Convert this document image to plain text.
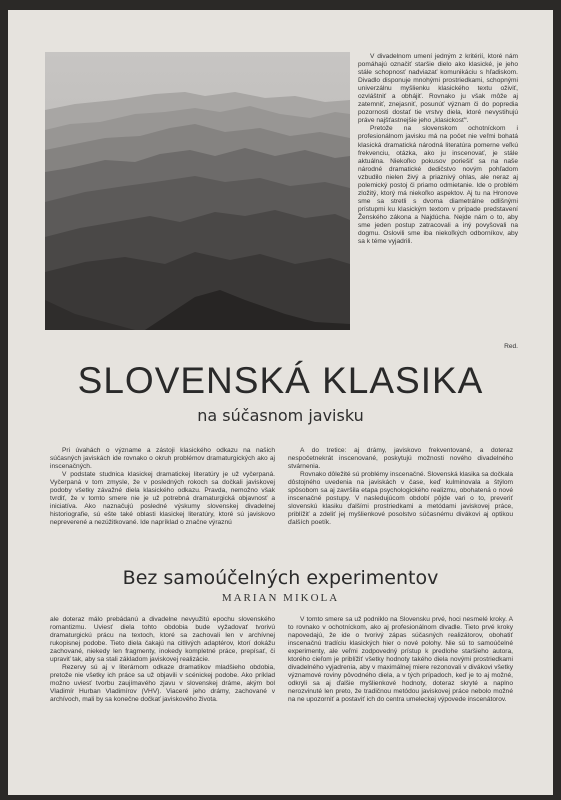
V divadelnom umení jedným z kritérií, ktoré nám pomáhajú označiť staršie dielo ako klasické, je jeho stále schopnosť nadviazať komunikáciu s hľadiskom. Divadlo disponuje mnohými prostriedkami, schopnými univerzálnu myšlienku klasického textu oživiť, ozvláštniť a obhájiť. Rovnako ju však môže aj zatemniť, znejasniť, posunúť význam či do popredia pozornosti dostať tie vrstvy diela, ktoré nevystihujú práve najšťastnejšie jeho „klasickosť“.

Pretože na slovenskom ochotníckom i profesionálnom javisku má na počet nie veľmi bohatá klasická dramatická národná literatúra pomerne veľkú frekvenciu, otázka, ako ju inscenovať, je stále aktuálna. Niekoľko pokusov poriešiť sa na naše národné dramatické dedičstvo novým pohľadom vzbudilo nielen živý a priaznivý ohlas, ale neraz aj polemický postoj či priamo odmietanie. Ide o problém zložitý, ktorý má niekoľko aspektov. Aj tu na Hronove sme sa stretli s dvoma diametrálne odlišnými prístupmi ku klasickým textom v prípade predstavení Ženského zákona a Najdúcha. Nejde nám o to, aby sme jeden postup zatracovali a iný povyšovali na dogmu. Oslovili sme iba niekoľkých odborníkov, aby sa k téme vyjadrili.

Red.
SLOVENSKÁ KLASIKA
na súčasnom javisku

Pri úvahách o význame a zástoji klasického odkazu na našich súčasných javiskách ide rovnako o okruh problémov dramaturgických ako aj inscenačných.

V podstate studnica klasickej dramatickej literatúry je už vyčerpaná. Vyčerpaná v tom zmysle, že v posledných rokoch sa dočkali javiskovej podoby všetky závažné diela klasického odkazu. Pravda, nemožno však tvrdiť, že v tomto smere nie je už potrebná dramaturgická objavnosť a iniciatíva. Ako naznačujú posledné výskumy slovenskej divadelnej historiografie, sú ešte také oblasti klasickej literatúry, ktoré sú javiskovo nepreverené a nezúžitkované. Ide napríklad o značne výraznú

A do tretice: aj drámy, javiskovo frekventované, a doteraz nespočetnekrát inscenované, poskytujú možnosti nového divadelného stvárnenia.

Rovnako dôležité sú problémy inscenačné. Slovenská klasika sa dočkala dôstojného uvedenia na javiskách v čase, keď kulminovala a štýlom spôsobom sa aj završila etapa psychologického realizmu, obohatená o nové inscenačné postupy. V nasledujúcom období pôjde vari o to, preveriť slovenskú klasiku ďalšími prostriedkami a metódami javiskovej práce, priblížiť a zdeliť jej myšlienkové posolstvo súčasnému divákovi aj optikou ďalších poetík.

Bez samoúčelných experimentov
MARIAN MIKOLA

ale doteraz málo prebádanú a divadelne nevyužitú epochu slovenského romantizmu. Uviesť diela tohto obdobia bude vyžadovať tvorivú dramaturgickú prácu na textoch, ktoré sa zachovali len v archívnej rukopisnej podobe. Tieto diela čakajú na citlivých adaptérov, ktorí dokážu zachované, niekedy len fragmenty, inokedy kompletné práce, prepísať, či upraviť tak, aby sa stali základom javiskovej realizácie.

Rezervy sú aj v literárnom odkaze dramatikov mladšieho obdobia, pretože nie všetky ich práce sa už objavili v scénickej podobe. Ako príklad možno uviesť tvorbu zaujímavého zjavu v slovenskej dráme, akým bol Vladimír Hurban Vladimírov (VHV). Viaceré jeho drámy, zachované v archívoch, mali by sa konečne dočkať javiskového života.

V tomto smere sa už podniklo na Slovensku prvé, hoci nesmelé kroky. A to rovnako v ochotníckom, ako aj profesionálnom divadle. Tieto prvé kroky napovedajú, že ide o tvorivý zápas súčasných realizátorov, obohatiť inscenačnú tradíciu klasických hier o nové polohy. Nie sú to samoúčelné experimenty, ale veľmi zodpovedný prístup k predlohe staršieho autora, ktorého cieľom je priblížiť všetky hodnoty takého diela novými prostriedkami divadelného vyjadrenia, aby v maximálnej miere rezonovali v divákovi všetky významové roviny pôvodného diela, a v tých prípadoch, keď je to aj možné, odkryli sa aj ďalšie myšlienkové hodnoty, doteraz skryté a naplno nerozvinuté len preto, že tradičnou metódou javiskovej práce nebolo možné na ne upozorniť a postaviť ich do centra umeleckej výpovede inscenátorov.
